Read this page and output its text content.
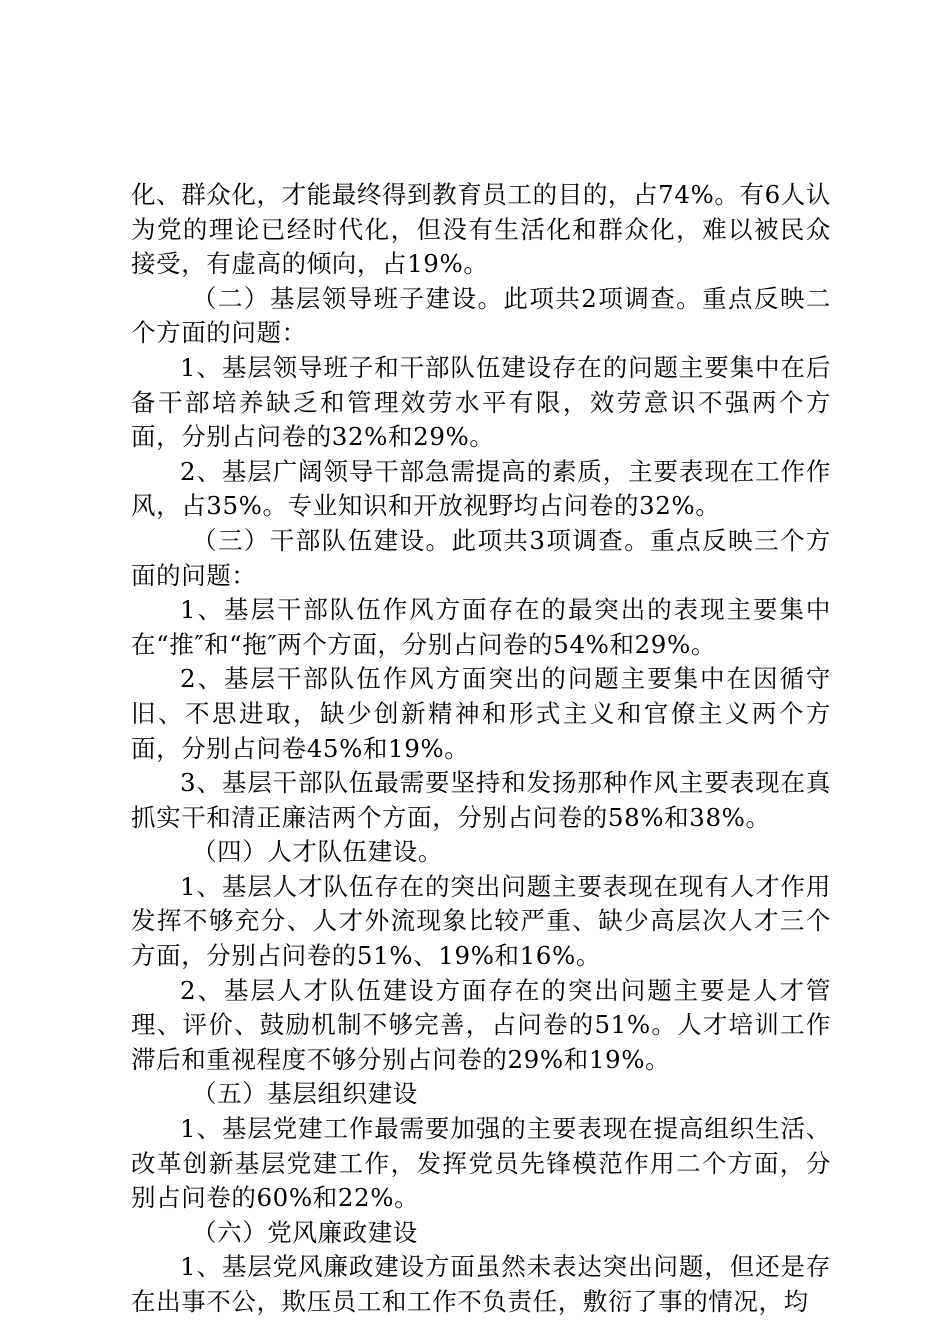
化、群众化，才能最终得到教育员工的目的，占74%。有6人认为党的理论已经时代化，但没有生活化和群众化，难以被民众接受，有虚高的倾向，占19%。

（二）基层领导班子建设。此项共2项调查。重点反映二个方面的问题：

1、基层领导班子和干部队伍建设存在的问题主要集中在后备干部培养缺乏和管理效劳水平有限，效劳意识不强两个方面，分别占问卷的32%和29%。

2、基层广阔领导干部急需提高的素质，主要表现在工作作风，占35%。专业知识和开放视野均占问卷的32%。

（三）干部队伍建设。此项共3项调查。重点反映三个方面的问题：

1、基层干部队伍作风方面存在的最突出的表现主要集中在“推″和“拖″两个方面，分别占问卷的54%和29%。

2、基层干部队伍作风方面突出的问题主要集中在因循守旧、不思进取，缺少创新精神和形式主义和官僚主义两个方面，分别占问卷45%和19%。

3、基层干部队伍最需要坚持和发扬那种作风主要表现在真抓实干和清正廉洁两个方面，分别占问卷的58%和38%。

（四）人才队伍建设。

1、基层人才队伍存在的突出问题主要表现在现有人才作用发挥不够充分、人才外流现象比较严重、缺少高层次人才三个方面，分别占问卷的51%、19%和16%。

2、基层人才队伍建设方面存在的突出问题主要是人才管理、评价、鼓励机制不够完善，占问卷的51%。人才培训工作滞后和重视程度不够分别占问卷的29%和19%。

（五）基层组织建设

1、基层党建工作最需要加强的主要表现在提高组织生活、改革创新基层党建工作，发挥党员先锋模范作用二个方面，分别占问卷的60%和22%。

（六）党风廉政建设

1、基层党风廉政建设方面虽然未表达突出问题，但还是存在出事不公，欺压员工和工作不负责任，敷衍了事的情况，均
